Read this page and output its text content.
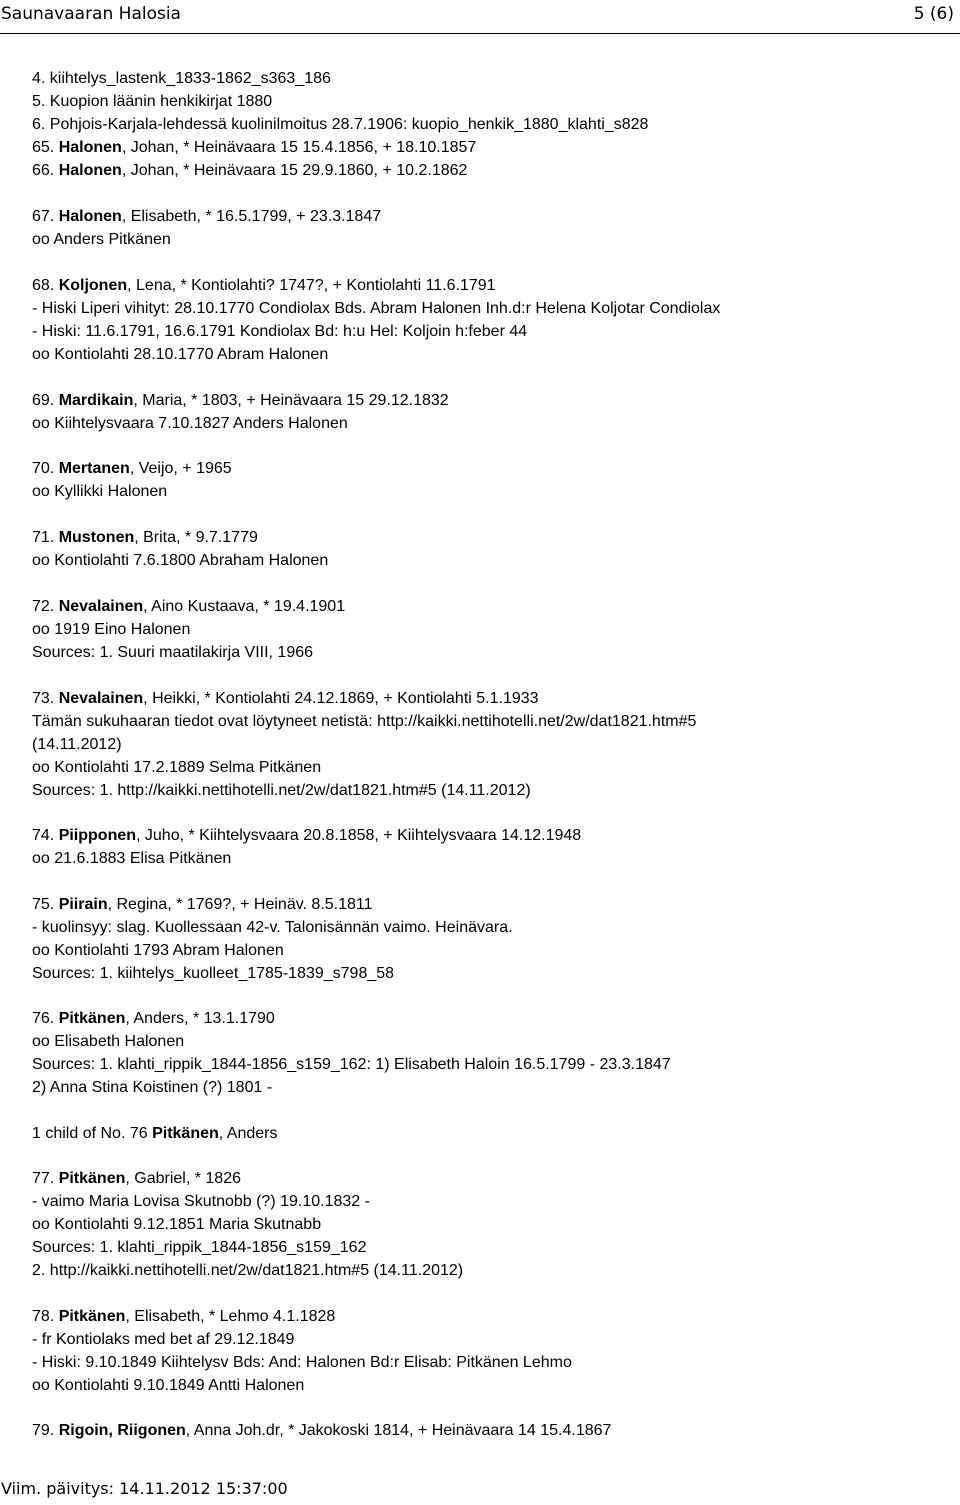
Saunavaaran Halosia	5 (6)
4. kiihtelys_lastenk_1833-1862_s363_186
5. Kuopion läänin henkikirjat 1880
6. Pohjois-Karjala-lehdessä kuolinilmoitus 28.7.1906: kuopio_henkik_1880_klahti_s828
65. Halonen, Johan, * Heinävaara 15 15.4.1856, + 18.10.1857
66. Halonen, Johan, * Heinävaara 15 29.9.1860, + 10.2.1862
67. Halonen, Elisabeth, * 16.5.1799, + 23.3.1847
oo Anders Pitkänen
68. Koljonen, Lena, * Kontiolahti? 1747?, + Kontiolahti 11.6.1791
- Hiski Liperi vihityt: 28.10.1770 Condiolax Bds. Abram Halonen Inh.d:r Helena Koljotar Condiolax
- Hiski: 11.6.1791, 16.6.1791 Kondiolax Bd: h:u Hel: Koljoin h:feber 44
oo Kontiolahti 28.10.1770 Abram Halonen
69. Mardikain, Maria, * 1803, + Heinävaara 15 29.12.1832
oo Kiihtelysvaara 7.10.1827 Anders Halonen
70. Mertanen, Veijo, + 1965
oo Kyllikki Halonen
71. Mustonen, Brita, * 9.7.1779
oo Kontiolahti 7.6.1800 Abraham Halonen
72. Nevalainen, Aino Kustaava, * 19.4.1901
oo 1919 Eino Halonen
Sources: 1. Suuri maatilakirja VIII, 1966
73. Nevalainen, Heikki, * Kontiolahti 24.12.1869, + Kontiolahti 5.1.1933
Tämän sukuhaaran tiedot ovat löytyneet netistä: http://kaikki.nettihotelli.net/2w/dat1821.htm#5
(14.11.2012)
oo Kontiolahti 17.2.1889 Selma Pitkänen
Sources: 1. http://kaikki.nettihotelli.net/2w/dat1821.htm#5 (14.11.2012)
74. Piipponen, Juho, * Kiihtelysvaara 20.8.1858, + Kiihtelysvaara 14.12.1948
oo 21.6.1883 Elisa Pitkänen
75. Piirain, Regina, * 1769?, + Heinäv. 8.5.1811
- kuolinsyy: slag. Kuollessaan 42-v. Talonisännän vaimo. Heinävara.
oo Kontiolahti 1793 Abram Halonen
Sources: 1. kiihtelys_kuolleet_1785-1839_s798_58
76. Pitkänen, Anders, * 13.1.1790
oo Elisabeth Halonen
Sources: 1. klahti_rippik_1844-1856_s159_162: 1) Elisabeth Haloin 16.5.1799 - 23.3.1847
2) Anna Stina Koistinen (?) 1801 -
1 child of No. 76 Pitkänen, Anders
77. Pitkänen, Gabriel, * 1826
- vaimo Maria Lovisa Skutnobb (?) 19.10.1832 -
oo Kontiolahti 9.12.1851 Maria Skutnabb
Sources: 1. klahti_rippik_1844-1856_s159_162
2. http://kaikki.nettihotelli.net/2w/dat1821.htm#5 (14.11.2012)
78. Pitkänen, Elisabeth, * Lehmo 4.1.1828
- fr Kontiolaks med bet af 29.12.1849
- Hiski: 9.10.1849 Kiihtelysv Bds: And: Halonen Bd:r Elisab: Pitkänen Lehmo
oo Kontiolahti 9.10.1849 Antti Halonen
79. Rigoin, Riigonen, Anna Joh.dr, * Jakokoski 1814, + Heinävaara 14 15.4.1867
Viim. päivitys: 14.11.2012 15:37:00
